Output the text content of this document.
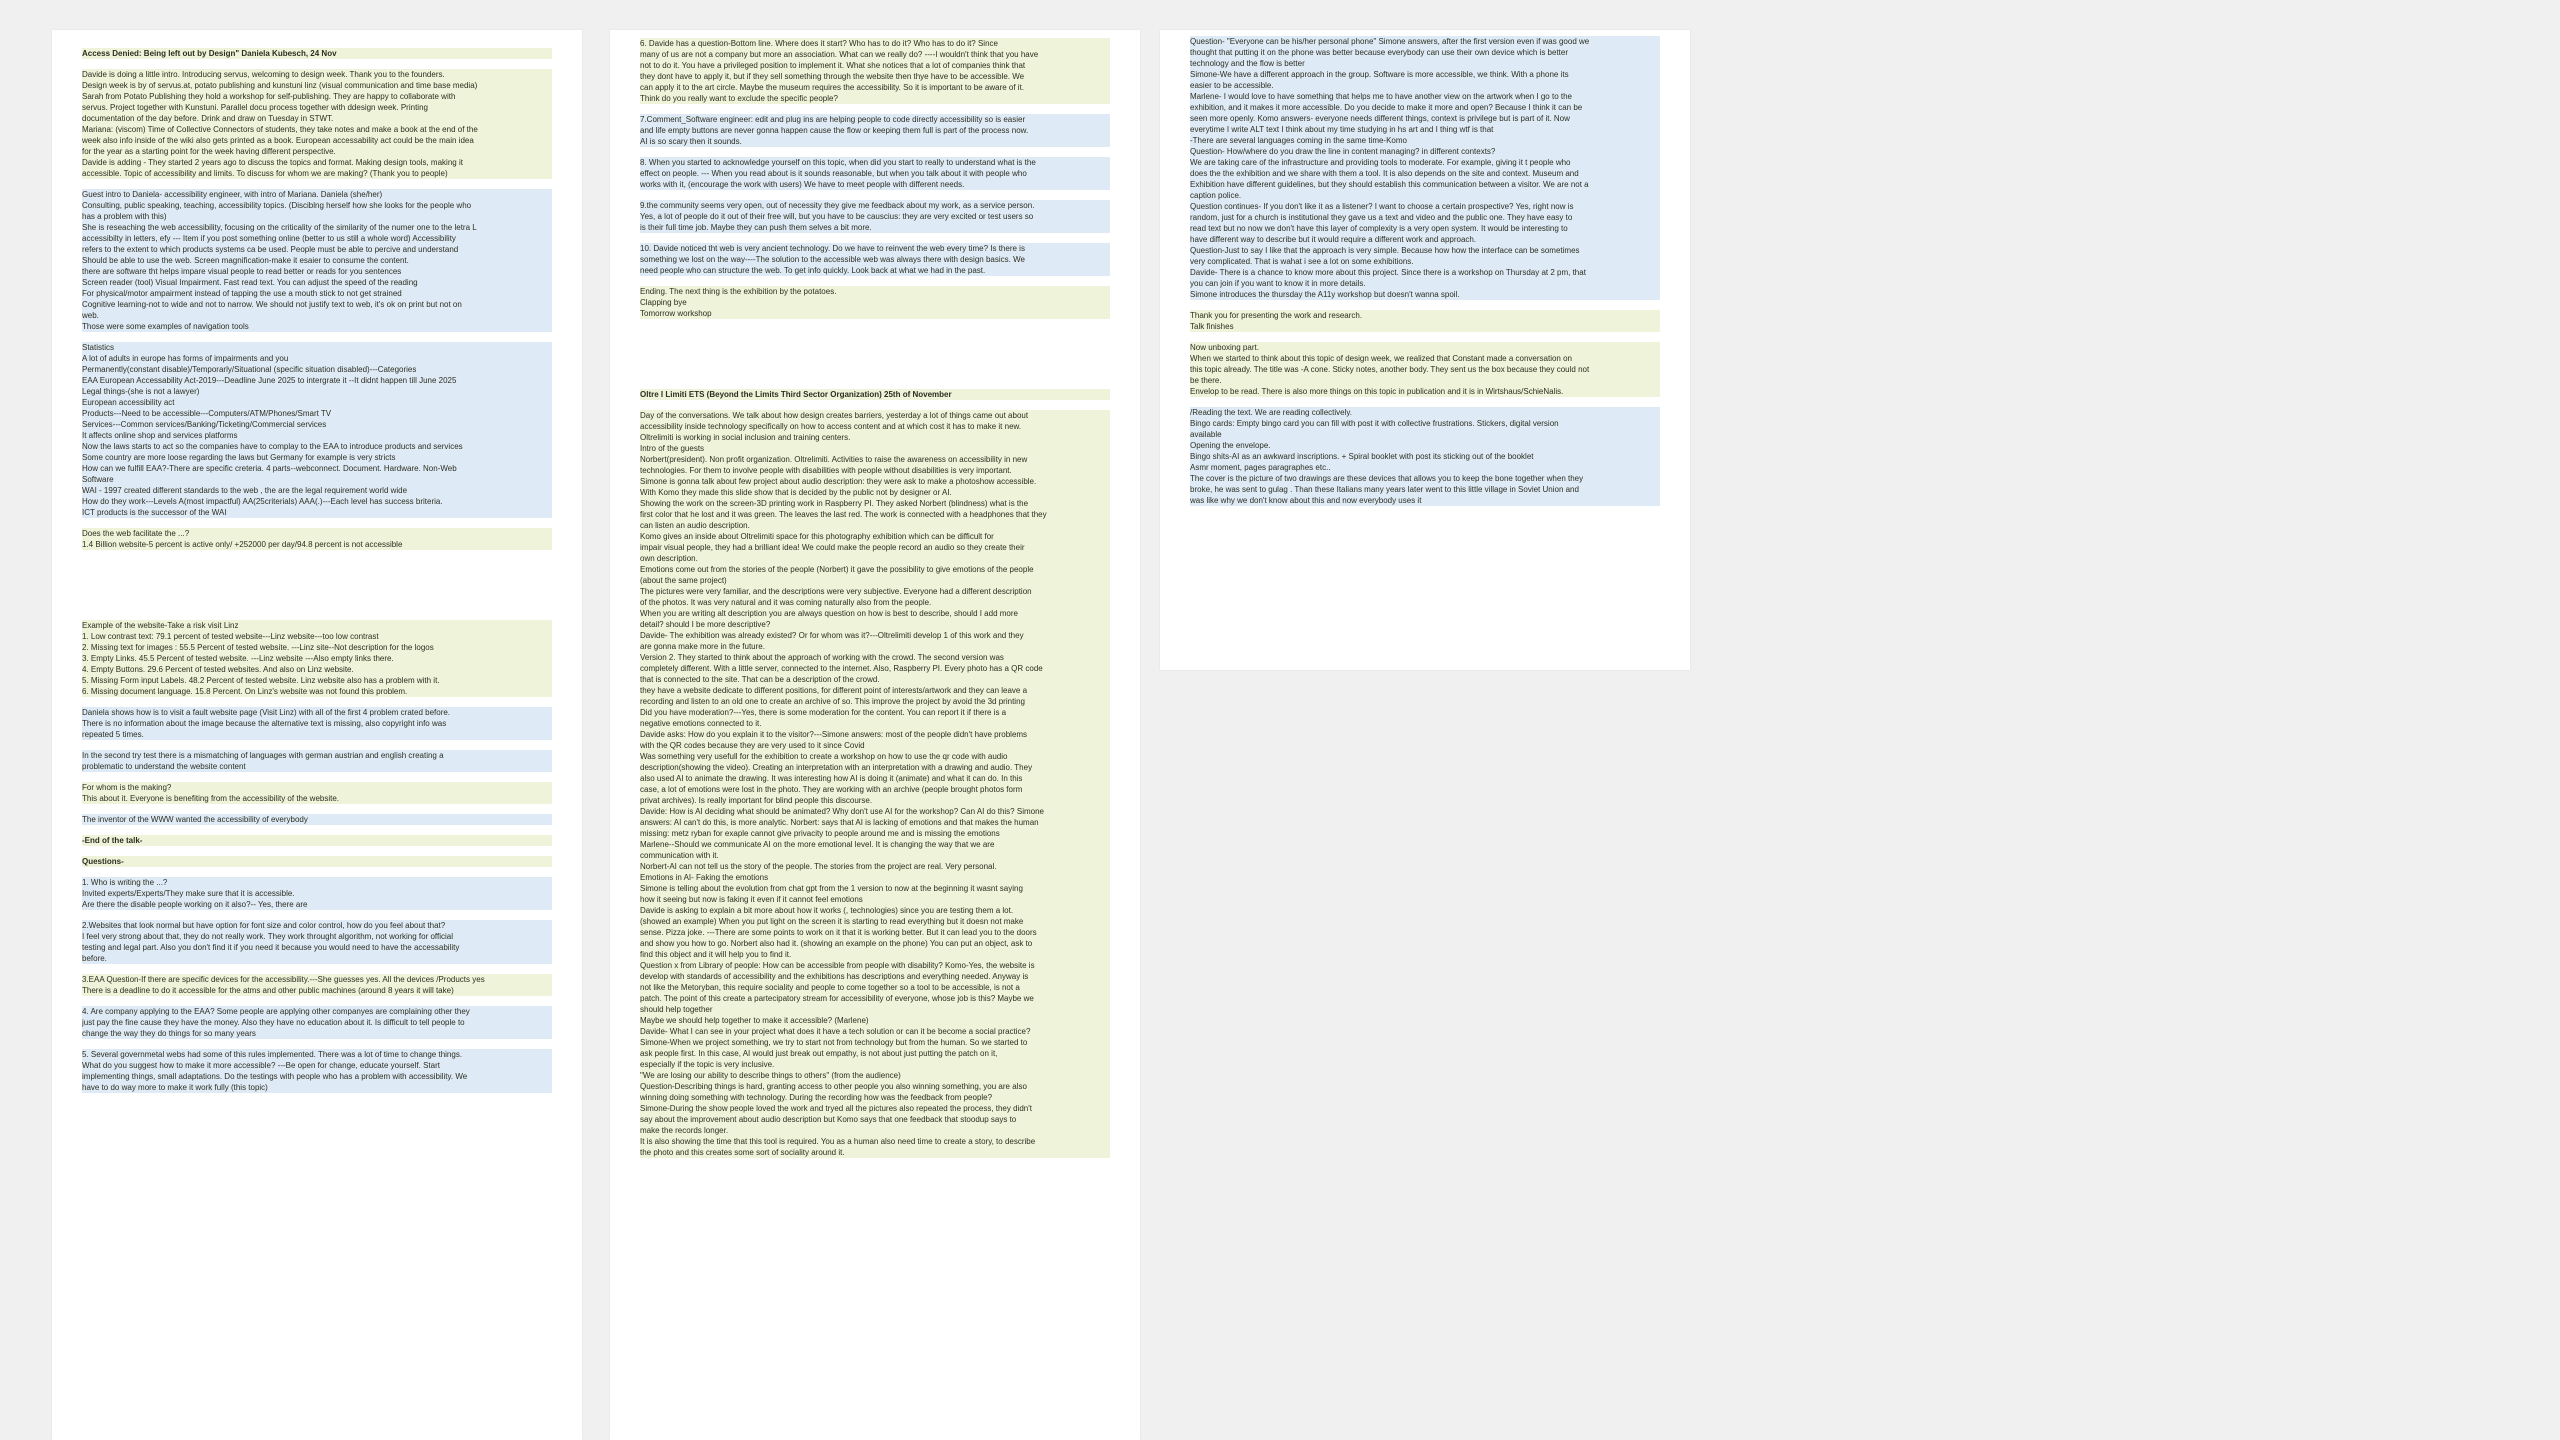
Access Denied: Being left out by Design" Daniela Kubesch, 24 Nov
Davide is doing a little intro. Introducing servus, welcoming to design week. Thank you to the founders.
Design week is by of servus.at, potato publishing and kunstuni linz (visual communication and time base media)
Sarah from Potato Publishing they hold a workshop for self-publishing. They are happy to collaborate with
servus. Project together with Kunstuni. Parallel docu process together with ddesign week. Printing
documentation of the day before. Drink and draw on Tuesday in STWT.
Mariana: (viscom) Time of Collective Connectors of students, they take notes and make a book at the end of the
week also info inside of the wiki also gets printed as a book. European accessability act could be the main idea
for the year as a starting point for the week having different perspective.
Davide is adding - They started 2 years ago to discuss the topics and format. Making design tools, making it
accessible. Topic of accessibility and limits. To discuss for whom we are making? (Thank you to people)
Guest intro to Daniela- accessibility engineer, with intro of Mariana. Daniela (she/her)
Consulting, public speaking, teaching, accessibility topics. (Disciblng herself how she looks for the people who
has a problem with this)
She is reseaching the web accessibility, focusing on the criticality of the similarity of the numer one to the letra L
accessibilty in letters, efy --- Item if you post something online (better to us still a whole word) Accessibility
refers to the extent to which products systems ca be used. People must be able to percive and understand
Should be able to use the web. Screen magnification-make it esaier to consume the content.
there are software tht helps impare visual people to read better or reads for you sentences
Screen reader (tool) Visual Impairment. Fast read text. You can adjust the speed of the reading
For physical/motor ampairment instead of tapping the use a mouth stick to not get strained
Cognitive learning-not to wide and not to narrow. We should not justify text to web, it's ok on print but not on
web.
Those were some examples of navigation tools
Statistics
A lot of adults in europe has forms of impairments and you
Permanently(constant disable)/Temporarly/Situational (specific situation disabled)---Categories
EAA European Accessability Act-2019---Deadline June 2025 to intergrate it --It didnt happen till June 2025
Legal things-(she is not a lawyer)
European accessibility act
Products---Need to be accessible---Computers/ATM/Phones/Smart TV
Services---Common services/Banking/Ticketing/Commercial services
It affects online shop and services platforms
Now the laws starts to act so the companies have to complay to the EAA to introduce products and services
Some country are more loose regarding the laws but Germany for example is very stricts
How can we fulfill EAA?-There are specific creteria. 4 parts--webconnect. Document. Hardware. Non-Web
Software
WAI - 1997 created different standards to the web , the are the legal requirement world wide
How do they work---Levels A(most impactful) AA(25criterials) AAA(.)---Each level has success briteria.
ICT products is the successor of the WAI
Does the web facilitate the ...?
1.4 Billion website-5 percent is active only/ +252000 per day/94.8 percent is not accessible
Example of the website-Take a risk visit Linz
1. Low contrast text: 79.1 percent of tested website---Linz website---too low contrast
2. Missing text for images : 55.5 Percent of tested website. ---Linz site--Not description for the logos
3. Empty Links. 45.5 Percent of tested website. ---Linz website ---Also empty links there.
4. Empty Buttons. 29.6 Percent of tested websites. And also on Linz website.
5. Missing Form input Labels. 48.2 Percent of tested website. Linz website also has a problem with it.
6. Missing document language. 15.8 Percent. On Linz's website was not found this problem.
Daniela shows how is to visit a fault website page (Visit Linz) with all of the first 4 problem crated before.
There is no information about the image because the alternative text is missing, also copyright info was
repeated 5 times.
In the second try test there is a mismatching of languages with german austrian and english creating a
problematic to understand the website content
For whom is the making?
This about it. Everyone is benefiting from the accessibility of the website.
The inventor of the WWW wanted the accessibility of everybody
-End of the talk-
Questions-
1. Who is writing the ...?
Invited experts/Experts/They make sure that it is accessible.
Are there the disable people working on it also?-- Yes, there are
2.Websites that look normal but have option for font size and color control, how do you feel about that?
I feel very strong about that, they do not really work. They work throught algorithm, not working for official
testing and legal part. Also you don't find it if you need it because you would need to have the accessability
before.
3.EAA Question-If there are specific devices for the accessibility.---She guesses yes. All the devices /Products yes
There is a deadline to do it accessible for the atms and other public machines (around 8 years it will take)
4. Are company applying to the EAA? Some people are applying other companyes are complaining other they
just pay the fine cause they have the money. Also they have no education about it. Is difficult to tell people to
change the way they do things for so many years
5. Several governmetal webs had some of this rules implemented. There was a lot of time to change things.
What do you suggest how to make it more accessible? ---Be open for change, educate yourself. Start
implementing things, small adaptations. Do the testings with people who has a problem with accessibility. We
have to do way more to make it work fully (this topic)
6. Davide has a question-Bottom line. Where does it start? Who has to do it? Who has to do it? Since
many of us are not a company but more an association. What can we really do? ----I wouldn't think that you have
not to do it. You have a privileged position to implement it. What she notices that a lot of companies think that
they dont have to apply it, but if they sell something through the website then thye have to be accessible. We
can apply it to the art circle. Maybe the museum requires the accessibility. So it is important to be aware of it.
Think do you really want to exclude the specific people?
7.Comment_Software engineer: edit and plug ins are helping people to code directly accessibility so is easier
and life empty buttons are never gonna happen cause the flow or keeping them full is part of the process now.
AI is so scary then it sounds.
8. When you started to acknowledge yourself on this topic, when did you start to really to understand what is the
effect on people. --- When you read about is it sounds reasonable, but when you talk about it with people who
works with it, (encourage the work with users) We have to meet people with different needs.
9.the community seems very open, out of necessity they give me feedback about my work, as a service person.
Yes, a lot of people do it out of their free will, but you have to be causcius: they are very excited or test users so
is their full time job. Maybe they can push them selves a bit more.
10. Davide noticed tht web is very ancient technology. Do we have to reinvent the web every time? Is there is
something we lost on the way----The solution to the accessible web was always there with design basics. We
need people who can structure the web. To get info quickly. Look back at what we had in the past.
Ending. The next thing is the exhibition by the potatoes.
Clapping bye
Tomorrow workshop
Oltre I Limiti ETS (Beyond the Limits Third Sector Organization) 25th of November
Day of the conversations. We talk about how design creates barriers, yesterday a lot of things came out about
accessibility inside technology specifically on how to access content and at which cost it has to make it new.
Oltrelimiti is working in social inclusion and training centers.
Intro of the guests
Norbert(president). Non profit organization. Oltrelimiti. Activities to raise the awareness on accessibility in new
technologies. For them to involve people with disabilities with people without disabilities is very important.
Simone is gonna talk about few project about audio description: they were ask to make a photoshow accessible.
With Komo they made this slide show that is decided by the public not by designer or AI.
Showing the work on the screen-3D printing work in Raspberry PI. They asked Norbert (blindness) what is the
first color that he lost and it was green. The leaves the last red. The work is connected with a headphones that they
can listen an audio description.
Komo gives an inside about Oltrelimiti space for this photography exhibition which can be difficult for
impair visual people, they had a brilliant idea! We could make the people record an audio so they create their
own description.
Emotions come out from the stories of the people (Norbert) it gave the possibility to give emotions of the people
(about the same project)
The pictures were very familiar, and the descriptions were very subjective. Everyone had a different description
of the photos. It was very natural and it was coming naturally also from the people.
When you are writing alt description you are always question on how is best to describe, should I add more
detail? should I be more descriptive?
Davide- The exhibition was already existed? Or for whom was it?---Oltrelimiti develop 1 of this work and they
are gonna make more in the future.
Version 2. They started to think about the approach of working with the crowd. The second version was
completely different. With a little server, connected to the internet. Also, Raspberry PI. Every photo has a QR code
that is connected to the site. That can be a description of the crowd.
they have a website dedicate to different positions, for different point of interests/artwork and they can leave a
recording and listen to an old one to create an archive of so. This improve the project by avoid the 3d printing
Did you have moderation?---Yes, there is some moderation for the content. You can report it if there is a
negative emotions connected to it.
Davide asks: How do you explain it to the visitor?---Simone answers: most of the people didn't have problems
with the QR codes because they are very used to it since Covid
Was something very usefull for the exhibition to create a workshop on how to use the qr code with audio
description(showing the video). Creating an interpretation with an interpretation with a drawing and audio. They
also used AI to animate the drawing. It was interesting how AI is doing it (animate) and what it can do. In this
case, a lot of emotions were lost in the photo. They are working with an archive (people brought photos form
privat archives). Is really important for blind people this discourse.
Davide: How is AI deciding what should be animated? Why don't use AI for the workshop? Can AI do this? Simone
answers: AI can't do this, is more analytic. Norbert: says that AI is lacking of emotions and that makes the human
missing: metz ryban for exaple cannot give privacity to people around me and is missing the emotions
Marlene--Should we communicate AI on the more emotional level. It is changing the way that we are
communication with it.
Norbert-AI can not tell us the story of the people. The stories from the project are real. Very personal.
Emotions in AI- Faking the emotions
Simone is telling about the evolution from chat gpt from the 1 version to now at the beginning it wasnt saying
how it seeing but now is faking it even if it cannot feel emotions
Davide is asking to explain a bit more about how it works (, technologies) since you are testing them a lot.
(showed an example) When you put light on the screen it is starting to read everything but it doesn not make
sense. Pizza joke. ---There are some points to work on it that it is working better. But it can lead you to the doors
and show you how to go. Norbert also had it. (showing an example on the phone) You can put an object, ask to
find this object and it will help you to find it.
Question x from Library of people: How can be accessible from people with disability? Komo-Yes, the website is
develop with standards of accessibility and the exhibitions has descriptions and everything needed. Anyway is
not like the Metoryban, this require sociality and people to come together so a tool to be accessible, is not a
patch. The point of this create a partecipatory stream for accessibility of everyone, whose job is this? Maybe we
should help together
Maybe we should help together to make it accessible? (Marlene)
Davide- What I can see in your project what does it have a tech solution or can it be become a social practice?
Simone-When we project something, we try to start not from technology but from the human. So we started to
ask people first. In this case, AI would just break out empathy, is not about just putting the patch on it,
especially if the topic is very inclusive.
"We are losing our ability to describe things to others" (from the audience)
Question-Describing things is hard, granting access to other people you also winning something, you are also
winning doing something with technology. During the recording how was the feedback from people?
Simone-During the show people loved the work and tryed all the pictures also repeated the process, they didn't
say about the improvement about audio description but Komo says that one feedback that stoodup says to
make the records longer.
It is also showing the time that this tool is required. You as a human also need time to create a story, to describe
the photo and this creates some sort of sociality around it.
Question- "Everyone can be his/her personal phone" Simone answers, after the first version even if was good we
thought that putting it on the phone was better because everybody can use their own device which is better
technology and the flow is better
Simone-We have a different approach in the group. Software is more accessible, we think. With a phone its
easier to be accessible.
Marlene- I would love to have something that helps me to have another view on the artwork when I go to the
exhibition, and it makes it more accessible. Do you decide to make it more and open? Because I think it can be
seen more openly. Komo answers- everyone needs different things, context is privilege but is part of it. Now
everytime I write ALT text I think about my time studying in hs art and I thing wtf is that
-There are several languages coming in the same time-Komo
Question- How/where do you draw the line in content managing? in different contexts?
We are taking care of the infrastructure and providing tools to moderate. For example, giving it t people who
does the the exhibition and we share with them a tool. It is also depends on the site and context. Museum and
Exhibition have different guidelines, but they should establish this communication between a visitor. We are not a
caption police.
Question continues- If you don't like it as a listener? I want to choose a certain prospective? Yes, right now is
random, just for a church is institutional they gave us a text and video and the public one. They have easy to
read text but no now we don't have this layer of complexity is a very open system. It would be interesting to
have different way to describe but it would require a different work and approach.
Question-Just to say I like that the approach is very simple. Because how how the interface can be sometimes
very complicated. That is wahat i see a lot on some exhibitions.
Davide- There is a chance to know more about this project. Since there is a workshop on Thursday at 2 pm, that
you can join if you want to know it in more details.
Simone introduces the thursday the A11y workshop but doesn't wanna spoil.
Thank you for presenting the work and research.
Talk finishes
Now unboxing part.
When we started to think about this topic of design week, we realized that Constant made a conversation on
this topic already. The title was -A cone. Sticky notes, another body. They sent us the box because they could not
be there.
Envelop to be read. There is also more things on this topic in publication and it is in Wirtshaus/SchieNalis.
/Reading the text. We are reading collectively.
Bingo cards: Empty bingo card you can fill with post it with collective frustrations. Stickers, digital version
available
Opening the envelope.
Bingo shits-AI as an awkward inscriptions. + Spiral booklet with post its sticking out of the booklet
Asmr moment, pages paragraphes etc..
The cover is the picture of two drawings are these devices that allows you to keep the bone together when they
broke, he was sent to gulag . Than these Italians many years later went to this little village in Soviet Union and
was like why we don't know about this and now everybody uses it
